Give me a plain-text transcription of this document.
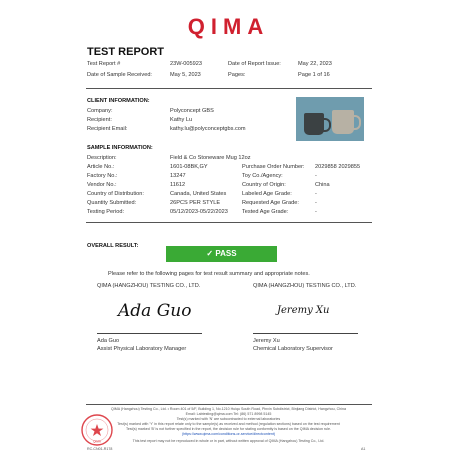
QIMA
TEST REPORT
Test Report #	23W-005923	Date of Report Issue:	May 22, 2023
Date of Sample Received:	May 5, 2023	Pages:	Page 1 of 16
CLIENT INFORMATION:
Company:	Polyconcept GBS
Recipient:	Kathy Lu
Recipient Email:	kathy.lu@polyconceptgbs.com
SAMPLE INFORMATION:
Description:	Field & Co Stoneware Mug 12oz
Article No.:	1601-08BK,GY	Purchase Order Number: 2029858 2029855
Factory No.:	13247	Toy Co./Agency:	-
Vendor No.:	11612	Country of Origin:	China
Country of Distribution:	Canada, United States	Labeled Age Grade:	-
Quantity Submitted:	26PCS PER STYLE	Requested Age Grade:	-
Testing Period:	05/12/2023-05/22/2023	Tested Age Grade:	-
OVERALL RESULT:
✓ PASS
Please refer to the following pages for test result summary and appropriate notes.
QIMA (HANGZHOU) TESTING CO., LTD.	QIMA (HANGZHOU) TESTING CO., LTD.
Ada Guo	Jeremy Xu
Ada Guo
Assist Physical Laboratory Manager
Jeremy Xu
Chemical Laboratory Supervisor
QIMA (Hangzhou) Testing Co., Ltd. • Room 401 of 5/F, Building 1, No.1210 Huiqu South Road, Pinvin Subdistrict, Binjiang District, Hangzhou, China
Email: Labtesting@qima.com Tel: (86) 571 8998 5145
Test(s) marked with 'N' are subcontracted to external laboratories
Test(s) marked with 'Y' in this report relate only to the sample(s) as received and method (regulation sections) based on the test requirement
Test(s) marked 'B' is not further specified in the report, the decision rule for stating conformity is based on the QIMA decision rule.
(https://www.qima.com/conditions-or-service/directcontent)
This test report may not be reproduced in whole or in part, without written approval of QIMA (Hangzhou) Testing Co., Ltd.
RC-CN01-R178	A1
QIMA
